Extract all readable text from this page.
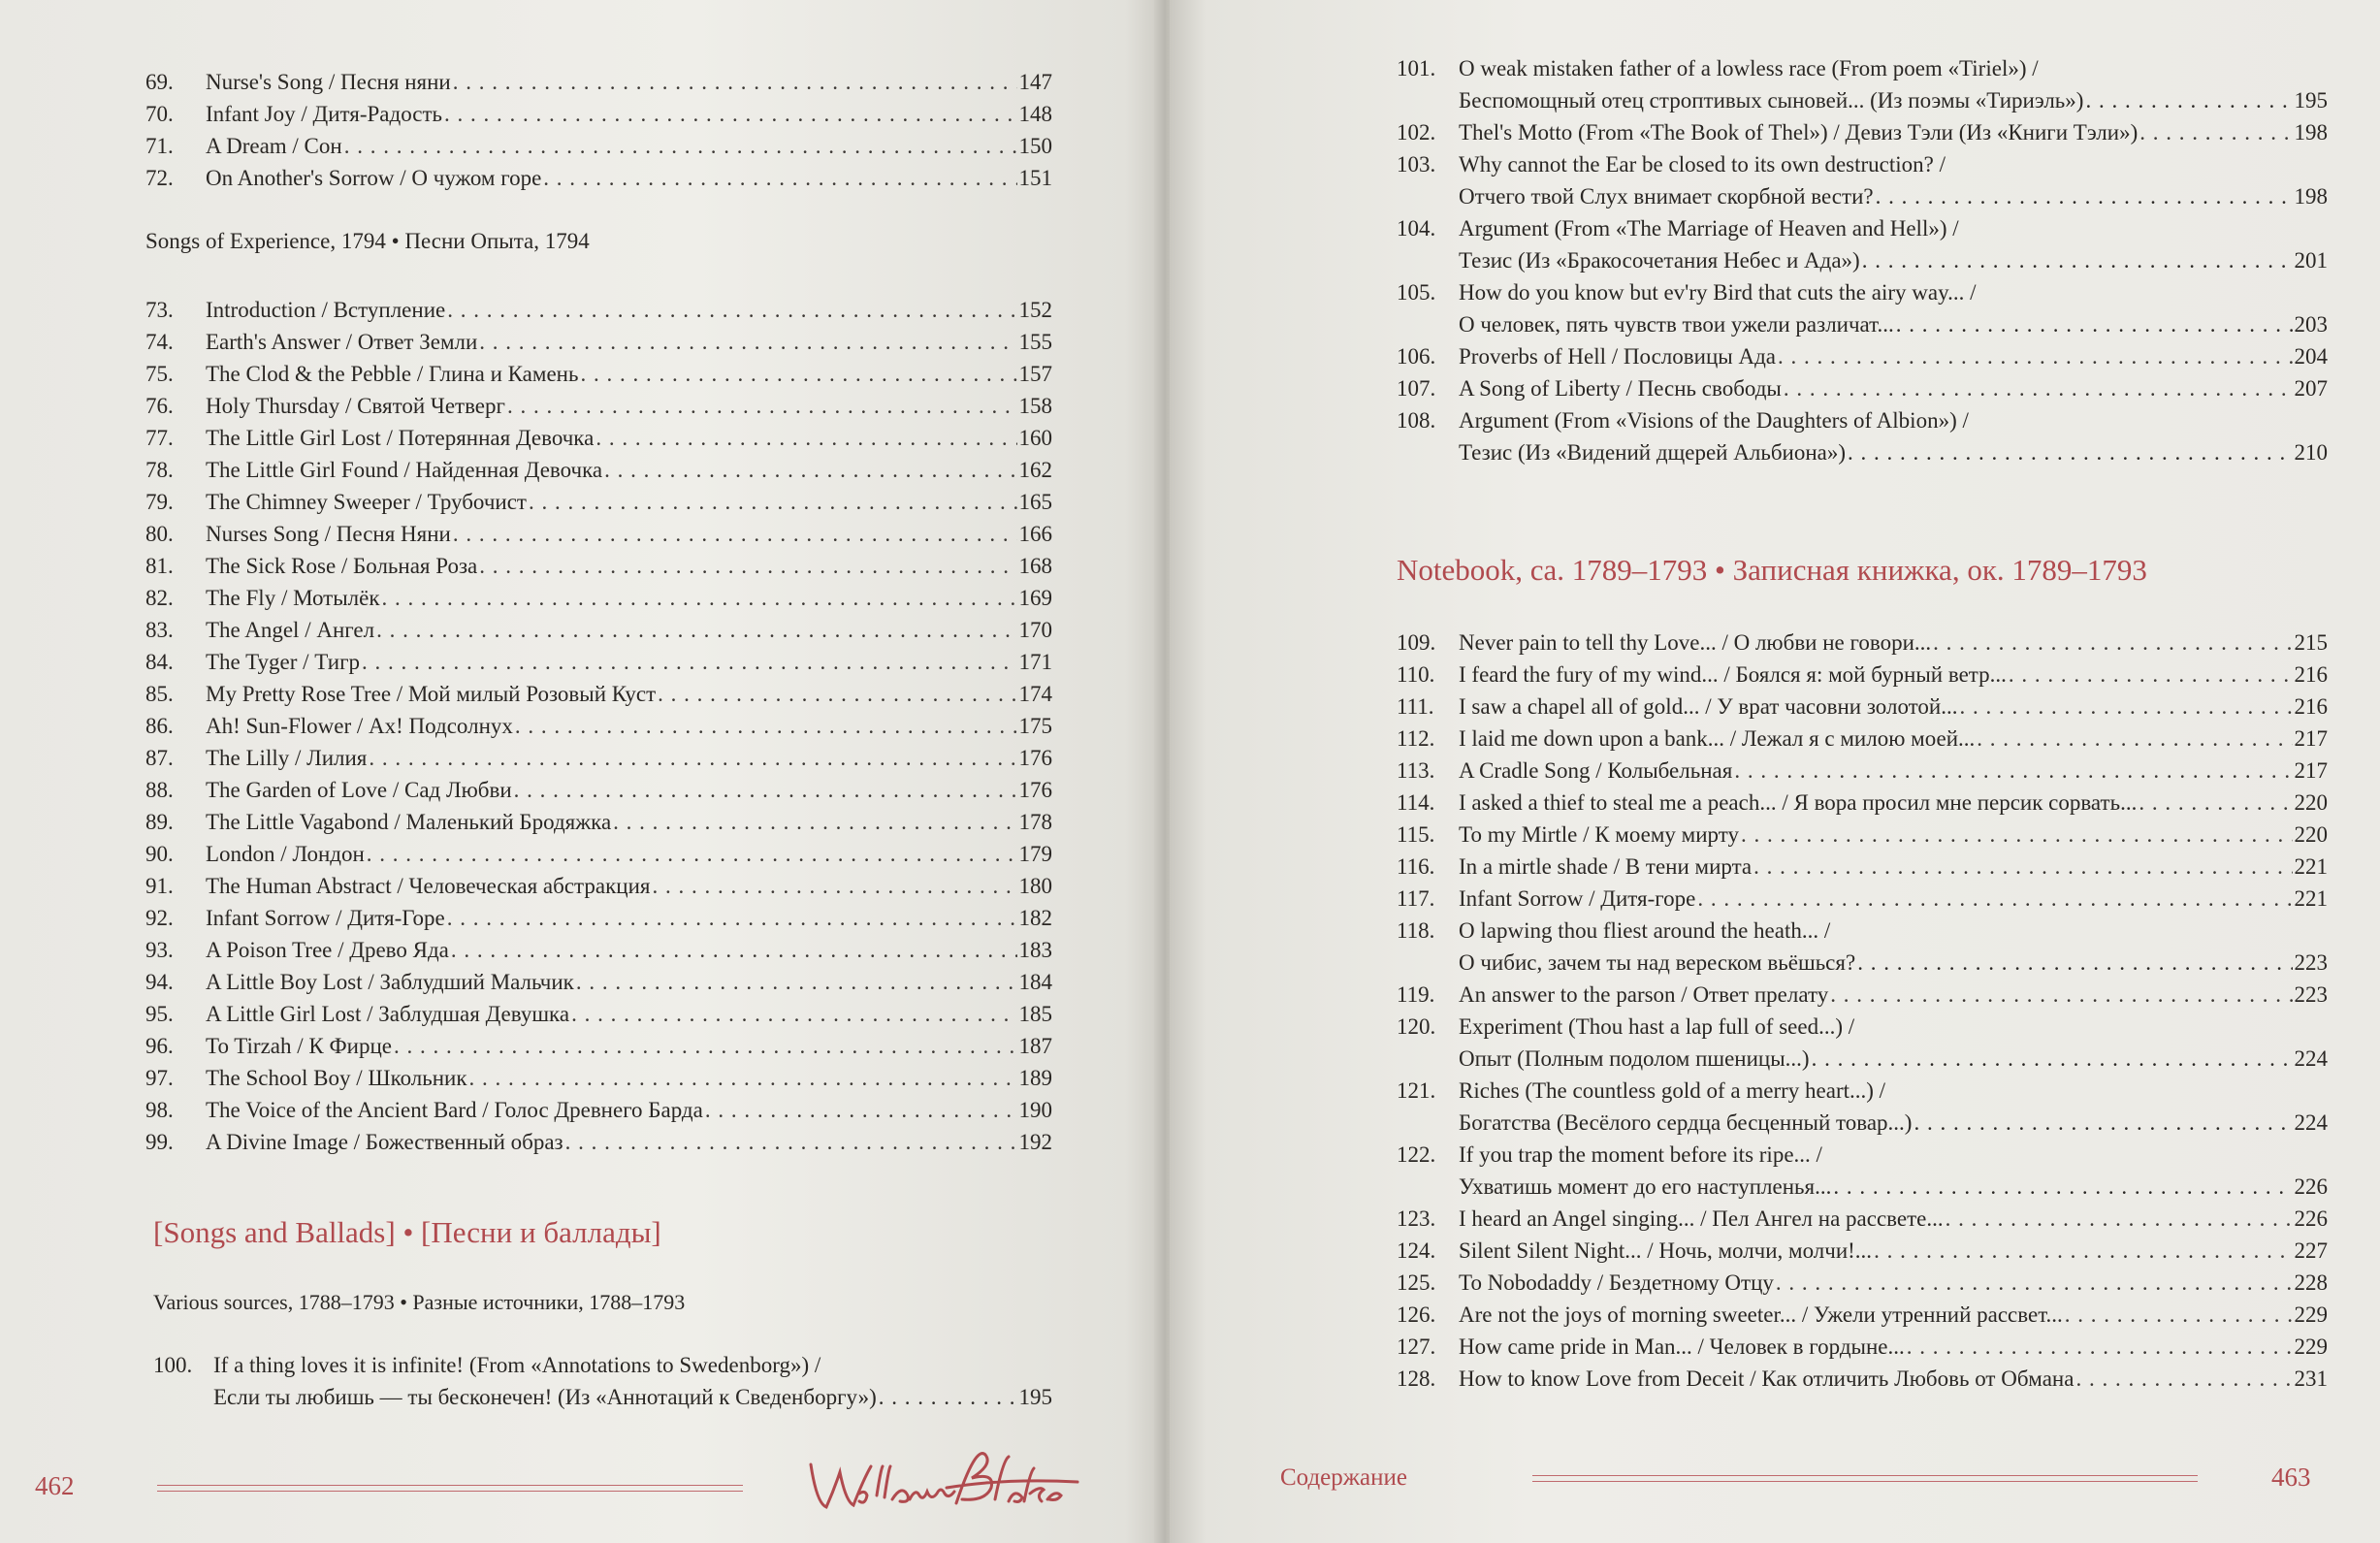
69.	Nurse's Song / Песня няни . . .	147
70.	Infant Joy / Дитя-Радость . . .	148
71.	A Dream / Сон . . .	150
72.	On Another's Sorrow / О чужом горе . . .	151
Songs of Experience, 1794 • Песни Опыта, 1794
73.	Introduction / Вступление . . .	152
74.	Earth's Answer / Ответ Земли . . .	155
75.	The Clod & the Pebble / Глина и Камень . . .	157
76.	Holy Thursday / Святой Четверг . . .	158
77.	The Little Girl Lost / Потерянная Девочка . . .	160
78.	The Little Girl Found / Найденная Девочка . . .	162
79.	The Chimney Sweeper / Трубочист . . .	165
80.	Nurses Song / Песня Няни . . .	166
81.	The Sick Rose / Больная Роза . . .	168
82.	The Fly / Мотылёк . . .	169
83.	The Angel / Ангел . . .	170
84.	The Tyger / Тигр . . .	171
85.	My Pretty Rose Tree / Мой милый Розовый Куст . . .	174
86.	Ah! Sun-Flower / Ах! Подсолнух . . .	175
87.	The Lilly / Лилия . . .	176
88.	The Garden of Love / Сад Любви . . .	176
89.	The Little Vagabond / Маленький Бродяжка . . .	178
90.	London / Лондон . . .	179
91.	The Human Abstract / Человеческая абстракция . . .	180
92.	Infant Sorrow / Дитя-Горе . . .	182
93.	A Poison Tree / Древо Яда . . .	183
94.	A Little Boy Lost / Заблудший Мальчик . . .	184
95.	A Little Girl Lost / Заблудшая Девушка . . .	185
96.	To Tirzah / К Фирце . . .	187
97.	The School Boy / Школьник . . .	189
98.	The Voice of the Ancient Bard / Голос Древнего Барда . . .	190
99.	A Divine Image / Божественный образ . . .	192
[Songs and Ballads] • [Песни и баллады]
Various sources, 1788–1793 • Разные источники, 1788–1793
100. If a thing loves it is infinite! (From «Annotations to Swedenborg») /
Если ты любишь — ты бесконечен! (Из «Аннотаций к Сведенборгу») . . .	195
462
101.	O weak mistaken father of a lowless race (From poem «Tiriel») /
Беспомощный отец строптивых сыновей... (Из поэмы «Тириэль») . . .	195
102.	Thel's Motto (From «The Book of Thel») / Девиз Тэли (Из «Книги Тэли») . . .	198
103.	Why cannot the Ear be closed to its own destruction? /
Отчего твой Слух внимает скорбной вести? . . .	198
104.	Argument (From «The Marriage of Heaven and Hell») /
Тезис (Из «Бракосочетания Небес и Ада») . . .	201
105.	How do you know but ev'ry Bird that cuts the airy way... /
О человек, пять чувств твои ужели различат... . . .	203
106.	Proverbs of Hell / Пословицы Ада . . .	204
107.	A Song of Liberty / Песнь свободы . . .	207
108.	Argument (From «Visions of the Daughters of Albion») /
Тезис (Из «Видений дщерей Альбиона») . . .	210
Notebook, ca. 1789–1793 • Записная книжка, ок. 1789–1793
109.	Never pain to tell thy Love... / О любви не говори... . . .	215
110.	I feard the fury of my wind... / Боялся я: мой бурный ветр... . . .	216
111.	I saw a chapel all of gold... / У врат часовни золотой... . . .	216
112.	I laid me down upon a bank... / Лежал я с милою моей... . . .	217
113.	A Cradle Song / Колыбельная . . .	217
114.	I asked a thief to steal me a peach... / Я вора просил мне персик сорвать... . . .	220
115.	To my Mirtle / К моему мирту . . .	220
116.	In a mirtle shade / В тени мирта . . .	221
117.	Infant Sorrow / Дитя-горе . . .	221
118.	O lapwing thou fliest around the heath... /
О чибис, зачем ты над вереском вьёшься? . . .	223
119.	An answer to the parson / Ответ прелату . . .	223
120.	Experiment (Thou hast a lap full of seed...) /
Опыт (Полным подолом пшеницы...) . . .	224
121.	Riches (The countless gold of a merry heart...) /
Богатства (Весёлого сердца бесценный товар...) . . .	224
122.	If you trap the moment before its ripe... /
Ухватишь момент до его наступленья... . . .	226
123.	I heard an Angel singing... / Пел Ангел на рассвете... . . .	226
124.	Silent Silent Night... / Ночь, молчи, молчи!... . . .	227
125.	To Nobodaddy / Бездетному Отцу . . .	228
126.	Are not the joys of morning sweeter... / Ужели утренний рассвет... . . .	229
127.	How came pride in Man... / Человек в гордыне... . . .	229
128.	How to know Love from Deceit / Как отличить Любовь от Обмана . . .	231
Содержание	463
